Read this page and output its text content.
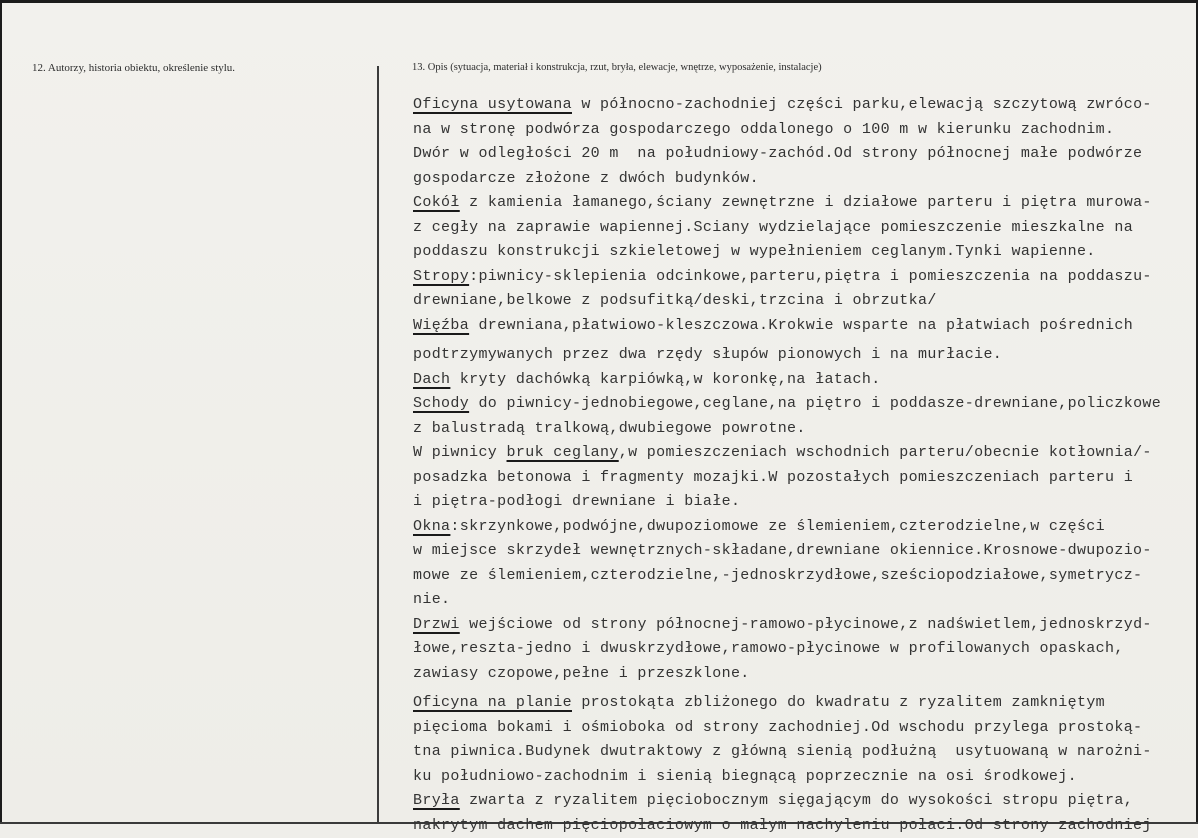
12. Autorzy, historia obiektu, określenie stylu.	13. Opis (sytuacja, materiał i konstrukcja, rzut, bryła, elewacje, wnętrze, wyposażenie, instalacje)
Oficyna usytowana w północno-zachodniej części parku,elewacją szczytową zwróco-
na w stronę podwórza gospodarczego oddalonego o 100 m w kierunku zachodnim.
Dwór w odległości 20 m  na południowy-zachód.Od strony północnej małe podwórze
gospodarcze złożone z dwóch budynków.
Cokół z kamienia łamanego,ściany zewnętrzne i działowe parteru i piętra murowa-
z cegły na zaprawie wapiennej.Sciany wydzielające pomieszczenie mieszkalne na
poddaszu konstrukcji szkieletowej w wypełnieniem ceglanym.Tynki wapienne.
Stropy:piwnicy-sklepienia odcinkowe,parteru,piętra i pomieszczenia na poddaszu-
drewniane,belkowe z podsufitką/deski,trzcina i obrzutka/
Więźba drewniana,płatwiowo-kleszczowa.Krokwie wsparte na płatwiach pośrednich
podtrzymywanych przez dwa rzędy słupów pionowych i na murłacie.
Dach kryty dachówką karpiówką,w koronkę,na łatach.
Schody do piwnicy-jednobiegowe,ceglane,na piętro i poddasze-drewniane,policzkowe
z balustradą tralkową,dwubiegowe powrotne.
W piwnicy bruk ceglany,w pomieszczeniach wschodnich parteru/obecnie kotłownia/-
posadzka betonowa i fragmenty mozajki.W pozostałych pomieszczeniach parteru i
i piętra-podłogi drewniane i białe.
Okna:skrzynkowe,podwójne,dwupoziomowe ze ślemieniem,czterodzielne,w części
w miejsce skrzydeł wewnętrznych-składane,drewniane okiennice.Krosnowe-dwupozio-
mowe ze ślemieniem,czterodzielne,-jednoskrzydłowe,sześciopodziałowe,symetrycz-
nie.
Drzwi wejściowe od strony północnej-ramowo-płycinowe,z nadświetlem,jednoskrzyd-
łowe,reszta-jedno i dwuskrzydłowe,ramowo-płycinowe w profilowanych opaskach,
zawiasy czopowe,pełne i przeszklone.
Oficyna na planie prostokąta zbliżonego do kwadratu z ryzalitem zamkniętym
pięcioma bokami i ośmioboka od strony zachodniej.Od wschodu przylega prostoką-
tna piwnica.Budynek dwutraktowy z główną sienią podłużną  usytuowaną w narożni-
ku południowo-zachodnim i sienią biegnącą poprzecznie na osi środkowej.
Bryła zwarta z ryzalitem pięciobocznym sięgającym do wysokości stropu piętra,
nakrytym dachem pięciopołaciowym o małym nachyleniu połaci.Od strony zachodniej
